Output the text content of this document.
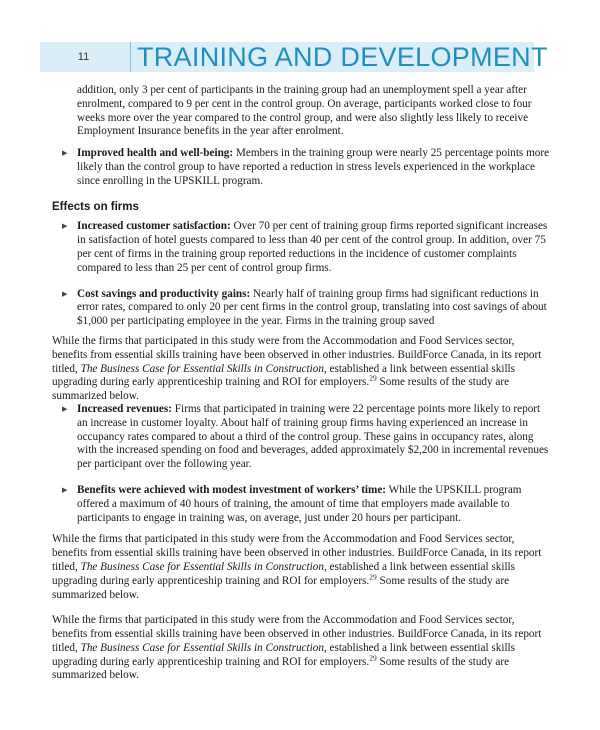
11	TRAINING AND DEVELOPMENT

addition, only 3 per cent of participants in the training group had an unemployment spell a year after enrolment, compared to 9 per cent in the control group. On average, participants worked close to four weeks more over the year compared to the control group, and were also slightly less likely to receive Employment Insurance benefits in the year after enrolment.

▶ Improved health and well-being: Members in the training group were nearly 25 percentage points more likely than the control group to have reported a reduction in stress levels experienced in the workplace since enrolling in the UPSKILL program.
Effects on firms
▶ Increased customer satisfaction: Over 70 per cent of training group firms reported significant increases in satisfaction of hotel guests compared to less than 40 per cent of the control group. In addition, over 75 per cent of firms in the training group reported reductions in the incidence of customer complaints compared to less than 25 per cent of control group firms.
▶ Cost savings and productivity gains: Nearly half of training group firms had significant reductions in error rates, compared to only 20 per cent firms in the control group, translating into cost savings of about $1,000 per participating employee in the year. Firms in the training group saved

While the firms that participated in this study were from the Accommodation and Food Services sector, benefits from essential skills training have been observed in other industries. BuildForce Canada, in its report titled, The Business Case for Essential Skills in Construction, established a link between essential skills upgrading during early apprenticeship training and ROI for employers.$^{29}$ Some results of the study are summarized below.

▶ Increased revenues: Firms that participated in training were 22 percentage points more likely to report an increase in customer loyalty. About half of training group firms having experienced an increase in occupancy rates compared to about a third of the control group. These gains in occupancy rates, along with the increased spending on food and beverages, added approximately $2,200 in incremental revenues per participant over the following year.
▶ Benefits were achieved with modest investment of workers’ time: While the UPSKILL program offered a maximum of 40 hours of training, the amount of time that employers made available to participants to engage in training was, on average, just under 20 hours per participant.

While the firms that participated in this study were from the Accommodation and Food Services sector, benefits from essential skills training have been observed in other industries. BuildForce Canada, in its report titled, The Business Case for Essential Skills in Construction, established a link between essential skills upgrading during early apprenticeship training and ROI for employers.$^{29}$ Some results of the study are summarized below.

While the firms that participated in this study were from the Accommodation and Food Services sector, benefits from essential skills training have been observed in other industries. BuildForce Canada, in its report titled, The Business Case for Essential Skills in Construction, established a link between essential skills upgrading during early apprenticeship training and ROI for employers.$^{29}$ Some results of the study are summarized below.
